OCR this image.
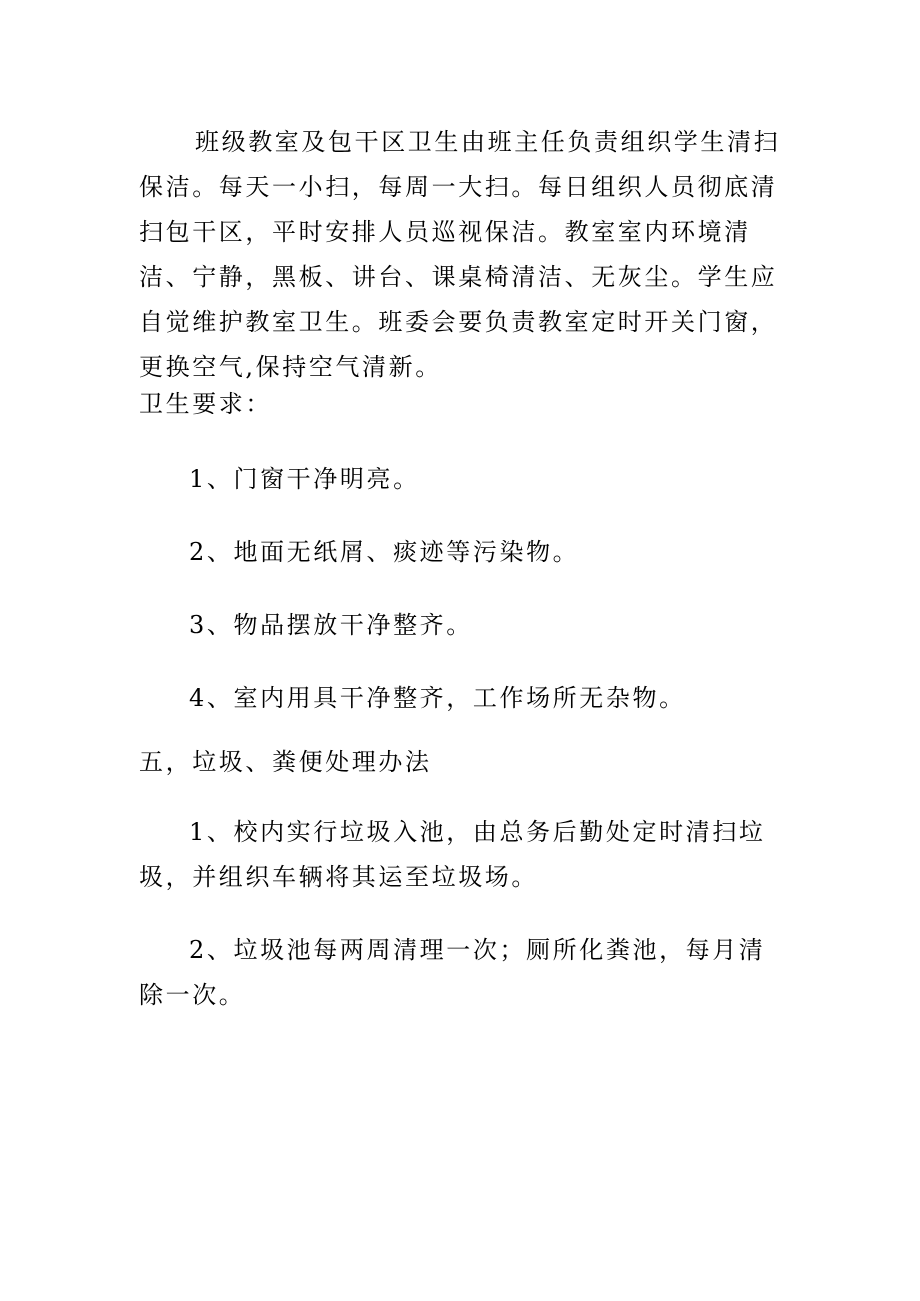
班级教室及包干区卫生由班主任负责组织学生清扫保洁。每天一小扫，每周一大扫。每日组织人员彻底清扫包干区，平时安排人员巡视保洁。教室室内环境清洁、宁静，黑板、讲台、课桌椅清洁、无灰尘。学生应自觉维护教室卫生。班委会要负责教室定时开关门窗，更换空气,保持空气清新。

卫生要求：

1、门窗干净明亮。

2、地面无纸屑、痰迹等污染物。

3、物品摆放干净整齐。

4、室内用具干净整齐，工作场所无杂物。

五，垃圾、粪便处理办法

1、校内实行垃圾入池，由总务后勤处定时清扫垃圾，并组织车辆将其运至垃圾场。

2、垃圾池每两周清理一次；厕所化粪池，每月清除一次。
